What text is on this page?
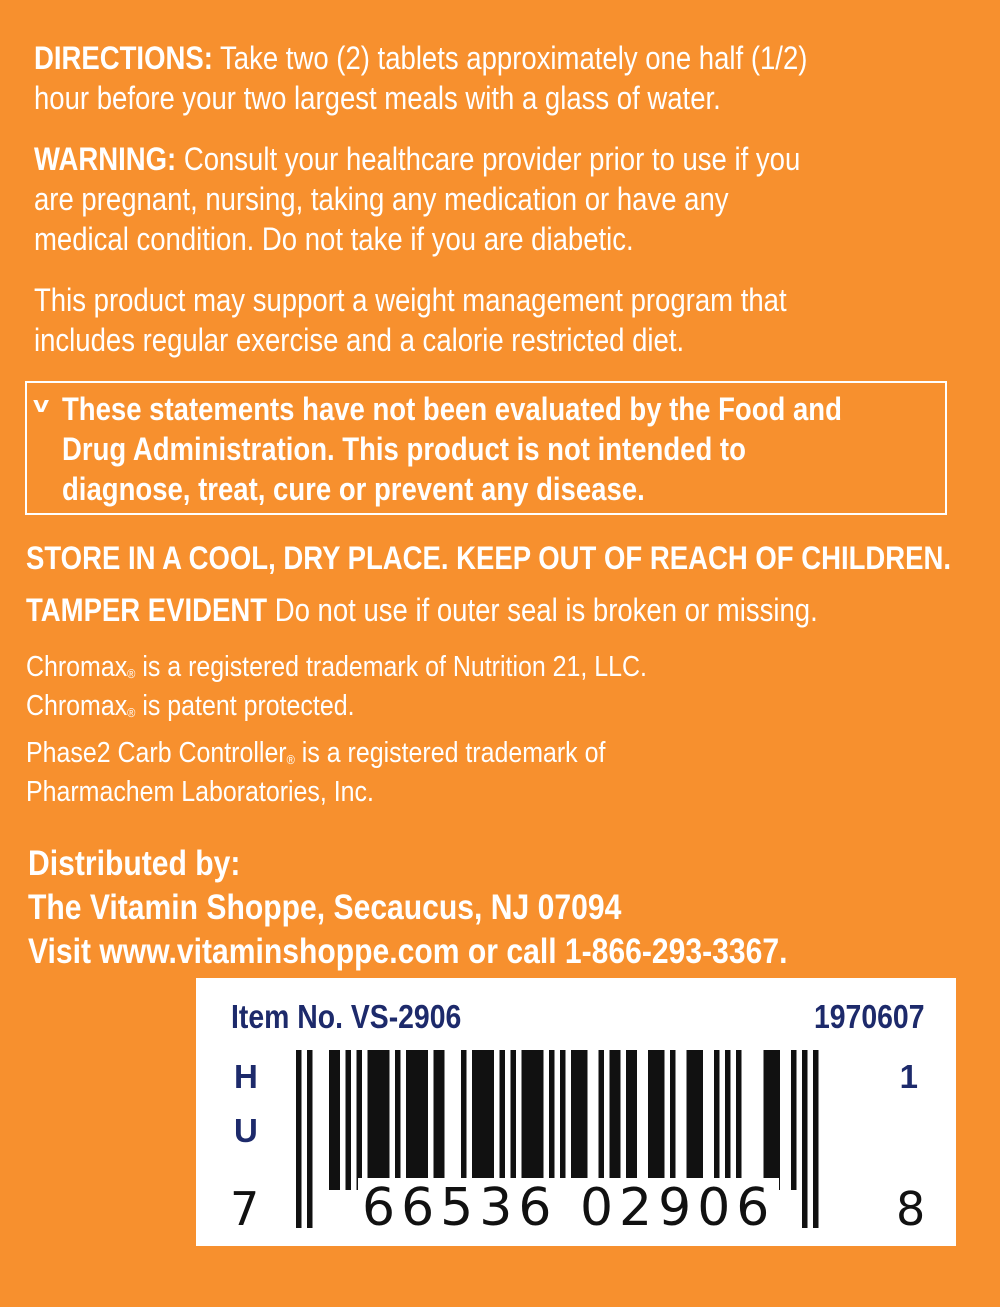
DIRECTIONS: Take two (2) tablets approximately one half (1/2)
hour before your two largest meals with a glass of water.
WARNING: Consult your healthcare provider prior to use if you
are pregnant, nursing, taking any medication or have any
medical condition. Do not take if you are diabetic.
This product may support a weight management program that
includes regular exercise and a calorie restricted diet.
v These statements have not been evaluated by the Food and
Drug Administration. This product is not intended to
diagnose, treat, cure or prevent any disease.
STORE IN A COOL, DRY PLACE. KEEP OUT OF REACH OF CHILDREN.
TAMPER EVIDENT Do not use if outer seal is broken or missing.
Chromax® is a registered trademark of Nutrition 21, LLC.
Chromax® is patent protected.
Phase2 Carb Controller® is a registered trademark of
Pharmachem Laboratories, Inc.
Distributed by:
The Vitamin Shoppe, Secaucus, NJ 07094
Visit www.vitaminshoppe.com or call 1-866-293-3367.
Item No. VS-2906	1970607
H
U
1
7 66536 02906	8
